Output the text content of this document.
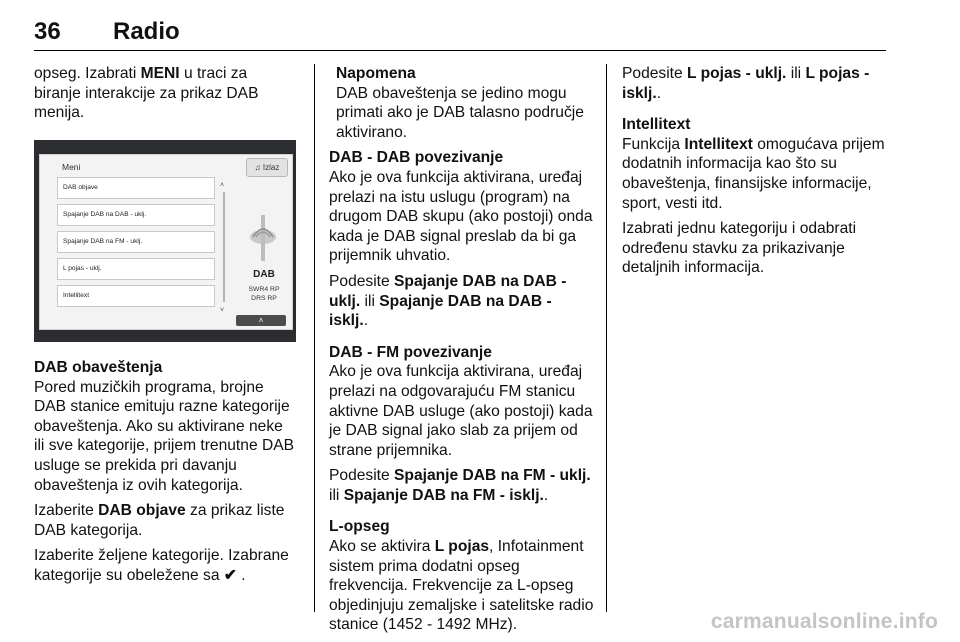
36 Radio

opseg. Izabrati MENI u traci za biranje interakcije za prikaz DAB menija.

Meni	♫ Izlaz
DAB objave
Spajanje DAB na DAB - uklj.
Spajanje DAB na FM - uklj.
L pojas - uklj.
Intellitext
˄
˅
DAB
SWR4 RP
DRS RP
˄
DAB obaveštenja

Pored muzičkih programa, brojne DAB stanice emituju razne kategorije obaveštenja. Ako su aktivirane neke ili sve kategorije, prijem trenutne DAB usluge se prekida pri davanju obaveštenja iz ovih kategorija.

Izaberite DAB objave za prikaz liste DAB kategorija.

Izaberite željene kategorije. Izabrane kategorije su obeležene sa ✔ .

Napomena

DAB obaveštenja se jedino mogu primati ako je DAB talasno područje aktivirano.

DAB - DAB povezivanje

Ako je ova funkcija aktivirana, uređaj prelazi na istu uslugu (program) na drugom DAB skupu (ako postoji) onda kada je DAB signal preslab da bi ga prijemnik uhvatio.

Podesite Spajanje DAB na DAB - uklj. ili Spajanje DAB na DAB - isklj..

DAB - FM povezivanje

Ako je ova funkcija aktivirana, uređaj prelazi na odgovarajuću FM stanicu aktivne DAB usluge (ako postoji) kada je DAB signal jako slab za prijem od strane prijemnika.

Podesite Spajanje DAB na FM - uklj. ili Spajanje DAB na FM - isklj..

L-opseg

Ako se aktivira L pojas, Infotainment sistem prima dodatni opseg frekvencija. Frekvencije za L-opseg objedinjuju zemaljske i satelitske radio stanice (1452 - 1492 MHz).

Podesite L pojas - uklj. ili L pojas - isklj..

Intellitext

Funkcija Intellitext omogućava prijem dodatnih informacija kao što su obaveštenja, finansijske informacije, sport, vesti itd.

Izabrati jednu kategoriju i odabrati određenu stavku za prikazivanje detaljnih informacija.

carmanualsonline.info
